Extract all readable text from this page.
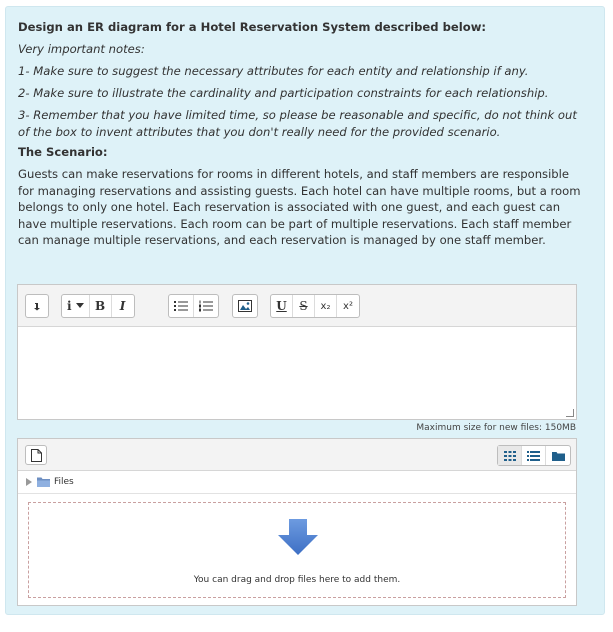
Design an ER diagram for a Hotel Reservation System described below:
Very important notes:
1- Make sure to suggest the necessary attributes for each entity and relationship if any.
2- Make sure to illustrate the cardinality and participation constraints for each relationship.
3- Remember that you have limited time, so please be reasonable and specific, do not think out of the box to invent attributes that you don't really need for the provided scenario.
The Scenario:
Guests can make reservations for rooms in different hotels, and staff members are responsible for managing reservations and assisting guests. Each hotel can have multiple rooms, but a room belongs to only one hotel. Each reservation is associated with one guest, and each guest can have multiple reservations. Each room can be part of multiple reservations. Each staff member can manage multiple reservations, and each reservation is managed by one staff member.
i	B	I	U	S	x₂	x²
Maximum size for new files: 150MB
Files
You can drag and drop files here to add them.
